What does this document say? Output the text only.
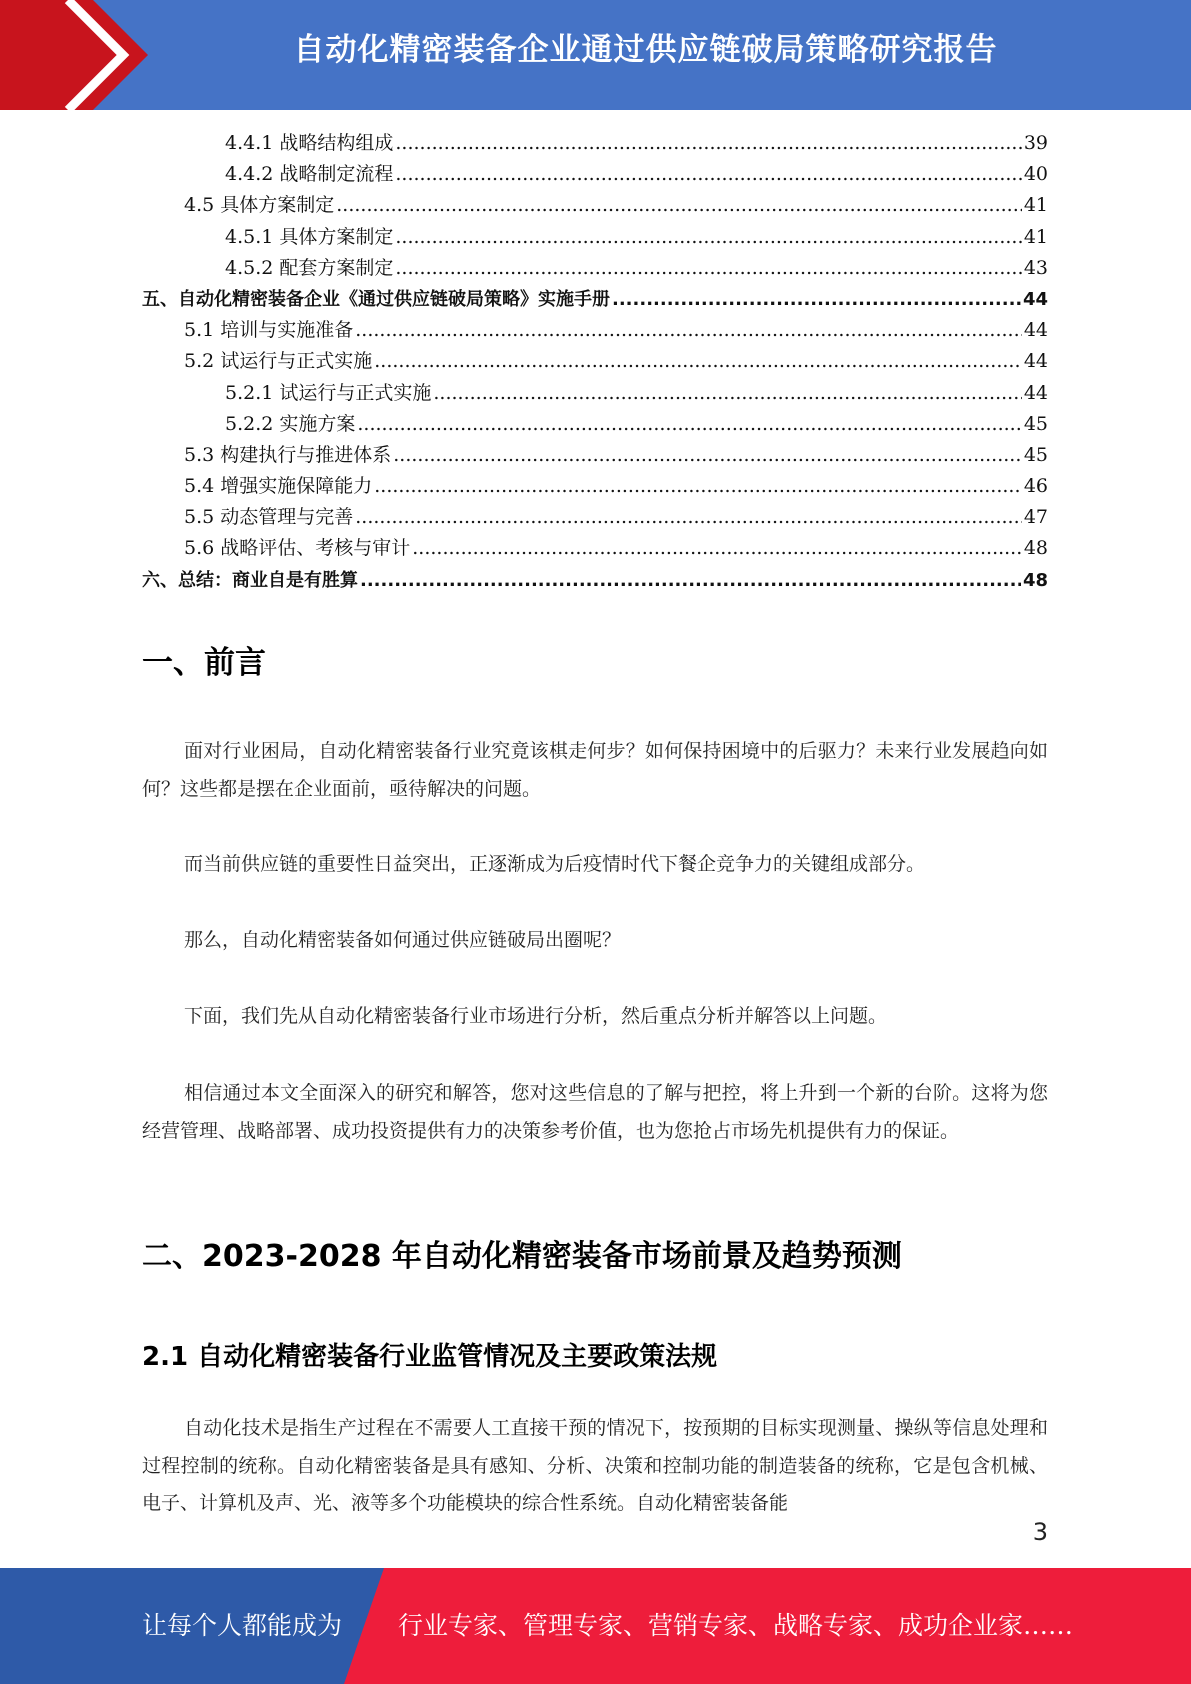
自动化精密装备企业通过供应链破局策略研究报告
4.4.1 战略结构组成 .....	39
4.4.2 战略制定流程 .....	40
4.5 具体方案制定 .....	41
4.5.1 具体方案制定 .....	41
4.5.2 配套方案制定 .....	43
五、自动化精密装备企业《通过供应链破局策略》实施手册 .....	44
5.1 培训与实施准备 .....	44
5.2 试运行与正式实施 .....	44
5.2.1 试运行与正式实施 .....	44
5.2.2 实施方案 .....	45
5.3 构建执行与推进体系 .....	45
5.4 增强实施保障能力 .....	46
5.5 动态管理与完善 .....	47
5.6 战略评估、考核与审计 .....	48
六、总结：商业自是有胜算 .....	48
一、前言
面对行业困局，自动化精密装备行业究竟该棋走何步？如何保持困境中的后驱力？未来行业发展趋向如何？这些都是摆在企业面前，亟待解决的问题。
而当前供应链的重要性日益突出，正逐渐成为后疫情时代下餐企竞争力的关键组成部分。
那么，自动化精密装备如何通过供应链破局出圈呢？
下面，我们先从自动化精密装备行业市场进行分析，然后重点分析并解答以上问题。
相信通过本文全面深入的研究和解答，您对这些信息的了解与把控，将上升到一个新的台阶。这将为您经营管理、战略部署、成功投资提供有力的决策参考价值，也为您抢占市场先机提供有力的保证。
二、2023-2028 年自动化精密装备市场前景及趋势预测
2.1 自动化精密装备行业监管情况及主要政策法规
自动化技术是指生产过程在不需要人工直接干预的情况下，按预期的目标实现测量、操纵等信息处理和过程控制的统称。自动化精密装备是具有感知、分析、决策和控制功能的制造装备的统称，它是包含机械、电子、计算机及声、光、液等多个功能模块的综合性系统。自动化精密装备能
3
让每个人都能成为 行业专家、管理专家、营销专家、战略专家、成功企业家……
